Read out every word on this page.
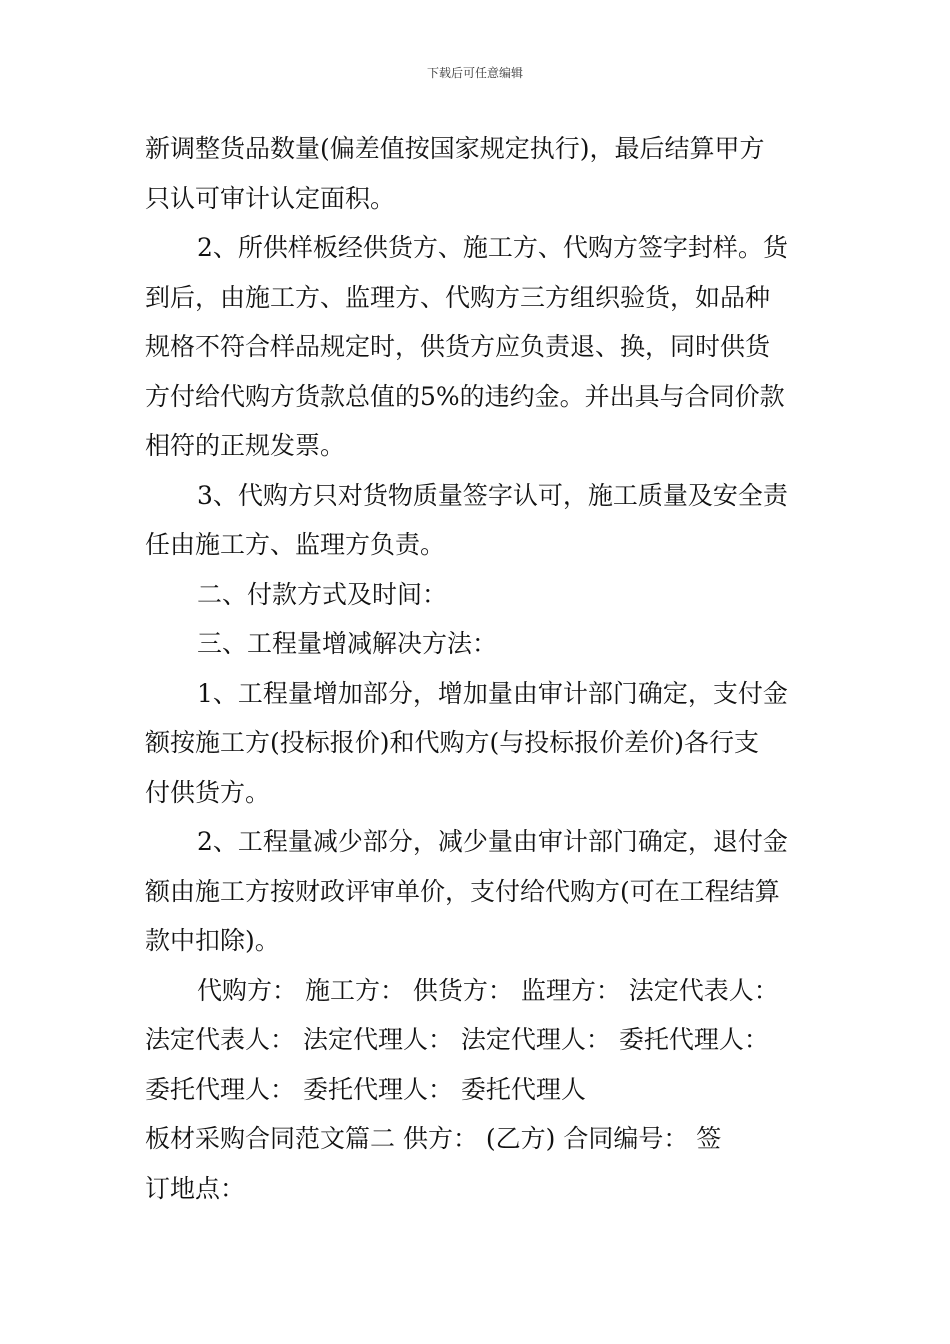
下载后可任意编辑
新调整货品数量(偏差值按国家规定执行)，最后结算甲方
只认可审计认定面积。
2、所供样板经供货方、施工方、代购方签字封样。货
到后，由施工方、监理方、代购方三方组织验货，如品种
规格不符合样品规定时，供货方应负责退、换，同时供货
方付给代购方货款总值的5%的违约金。并出具与合同价款
相符的正规发票。
3、代购方只对货物质量签字认可，施工质量及安全责
任由施工方、监理方负责。
二、付款方式及时间：
三、工程量增减解决方法：
1、工程量增加部分，增加量由审计部门确定，支付金
额按施工方(投标报价)和代购方(与投标报价差价)各行支
付供货方。
2、工程量减少部分，减少量由审计部门确定，退付金
额由施工方按财政评审单价，支付给代购方(可在工程结算
款中扣除)。
代购方： 施工方： 供货方： 监理方： 法定代表人：
法定代表人： 法定代理人： 法定代理人： 委托代理人：
委托代理人： 委托代理人： 委托代理人
板材采购合同范文篇二 供方： (乙方) 合同编号： 签
订地点：
